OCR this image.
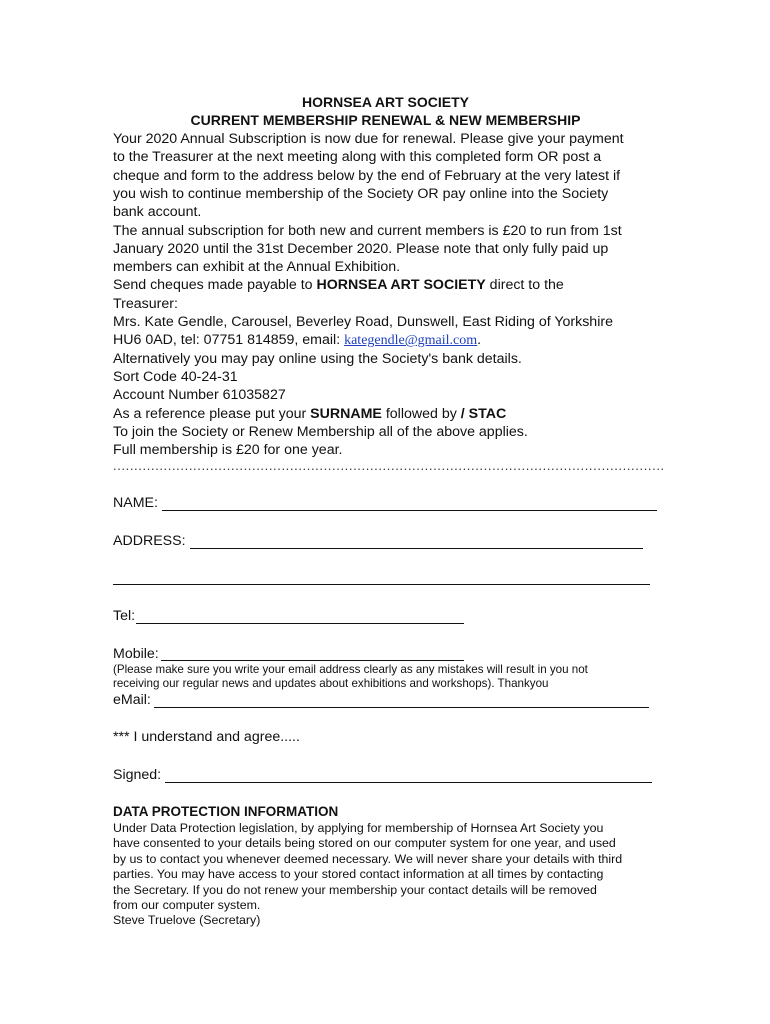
HORNSEA ART SOCIETY
CURRENT MEMBERSHIP RENEWAL & NEW MEMBERSHIP
Your 2020 Annual Subscription is now due for renewal. Please give your payment
to the Treasurer at the next meeting along with this completed form OR post a
cheque and form to the address below by the end of February at the very latest if
you wish to continue membership of the Society OR pay online into the Society
bank account.
The annual subscription for both new and current members is £20 to run from 1st
January 2020 until the 31st December 2020. Please note that only fully paid up
members can exhibit at the Annual Exhibition.
Send cheques made payable to HORNSEA ART SOCIETY direct to the
Treasurer:
Mrs. Kate Gendle, Carousel, Beverley Road, Dunswell, East Riding of Yorkshire
HU6 0AD, tel: 07751 814859, email: kategendle@gmail.com.
Alternatively you may pay online using the Society's bank details.
Sort Code 40-24-31
Account Number 61035827
As a reference please put your SURNAME followed by / STAC
To join the Society or Renew Membership all of the above applies.
Full membership is £20 for one year.
...................................................................................................................................
NAME:
ADDRESS:
Tel:
Mobile:
(Please make sure you write your email address clearly as any mistakes will result in you not
receiving our regular news and updates about exhibitions and workshops). Thankyou
eMail:
*** I understand and agree.....
Signed:
DATA PROTECTION INFORMATION
Under Data Protection legislation, by applying for membership of Hornsea Art Society you
have consented to your details being stored on our computer system for one year, and used
by us to contact you whenever deemed necessary. We will never share your details with third
parties. You may have access to your stored contact information at all times by contacting
the Secretary. If you do not renew your membership your contact details will be removed
from our computer system.
Steve Truelove (Secretary)
